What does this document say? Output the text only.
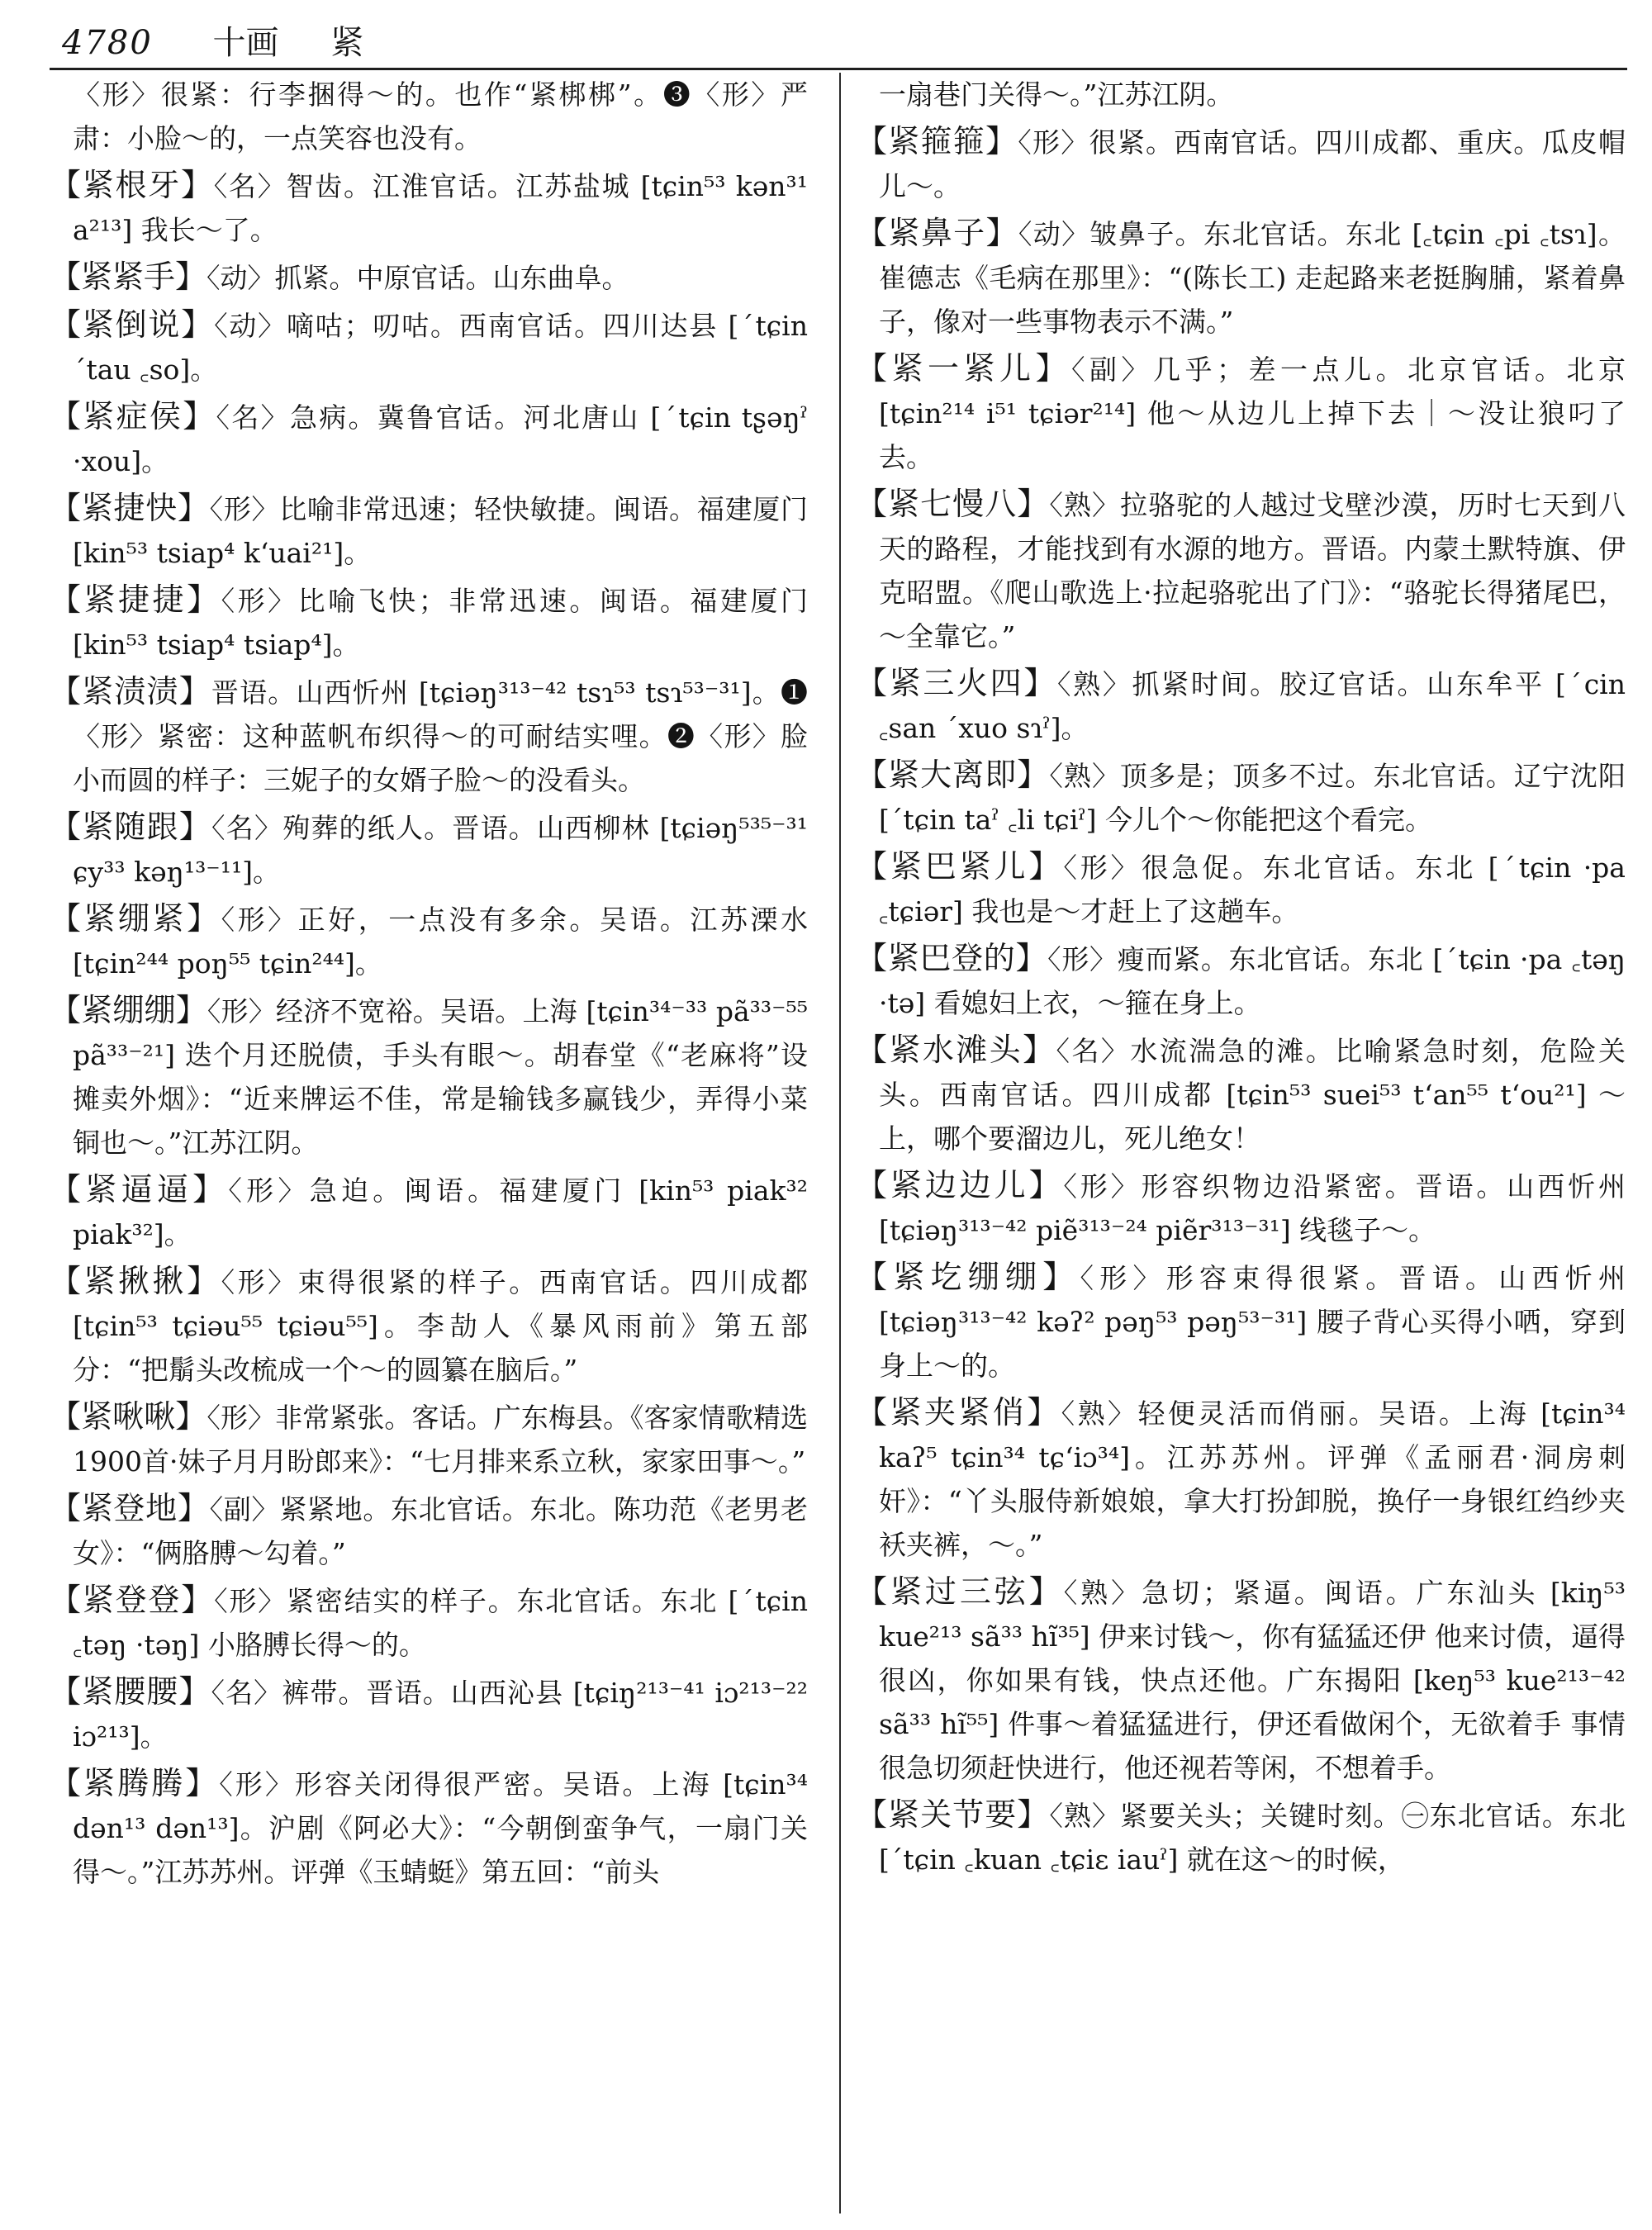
4780 十画 紧

〈形〉很紧：行李捆得～的。也作“紧梆梆”。❸〈形〉严肃：小脸～的，一点笑容也没有。

【紧根牙】〈名〉智齿。江淮官话。江苏盐城 [tɕin⁵³ kən³¹ a²¹³] 我长～了。

【紧紧手】〈动〉抓紧。中原官话。山东曲阜。

【紧倒说】〈动〉嘀咕；叨咕。西南官话。四川达县 [ˊtɕin ˊtau ꜀so]。

【紧症侯】〈名〉急病。冀鲁官话。河北唐山 [ˊtɕin tʂəŋˀ ·xou]。

【紧捷快】〈形〉比喻非常迅速；轻快敏捷。闽语。福建厦门 [kin⁵³ tsiap⁴ kʻuai²¹]。

【紧捷捷】〈形〉比喻飞快；非常迅速。闽语。福建厦门 [kin⁵³ tsiap⁴ tsiap⁴]。

【紧渍渍】晋语。山西忻州 [tɕiəŋ³¹³⁻⁴² tsɿ⁵³ tsɿ⁵³⁻³¹]。❶〈形〉紧密：这种蓝帆布织得～的可耐结实哩。❷〈形〉脸小而圆的样子：三妮子的女婿子脸～的没看头。

【紧随跟】〈名〉殉葬的纸人。晋语。山西柳林 [tɕiəŋ⁵³⁵⁻³¹ ɕy³³ kəŋ¹³⁻¹¹]。

【紧绷紧】〈形〉正好，一点没有多余。吴语。江苏溧水 [tɕin²⁴⁴ poŋ⁵⁵ tɕin²⁴⁴]。

【紧绷绷】〈形〉经济不宽裕。吴语。上海 [tɕin³⁴⁻³³ pã³³⁻⁵⁵ pã³³⁻²¹] 迭个月还脱债，手头有眼～。胡春堂《“老麻将”设摊卖外烟》：“近来牌运不佳，常是输钱多赢钱少，弄得小菜铜也～。”江苏江阴。

【紧逼逼】〈形〉急迫。闽语。福建厦门 [kin⁵³ piak³² piak³²]。

【紧揪揪】〈形〉束得很紧的样子。西南官话。四川成都 [tɕin⁵³ tɕiəu⁵⁵ tɕiəu⁵⁵]。李劼人《暴风雨前》第五部分：“把鬅头改梳成一个～的圆纂在脑后。”

【紧啾啾】〈形〉非常紧张。客话。广东梅县。《客家情歌精选1900首·妹子月月盼郎来》：“七月排来系立秋，家家田事～。”

【紧登地】〈副〉紧紧地。东北官话。东北。陈功范《老男老女》：“俩胳膊～勾着。”

【紧登登】〈形〉紧密结实的样子。东北官话。东北 [ˊtɕin ꜀təŋ ·təŋ] 小胳膊长得～的。

【紧腰腰】〈名〉裤带。晋语。山西沁县 [tɕiŋ²¹³⁻⁴¹ iɔ²¹³⁻²² iɔ²¹³]。

【紧腾腾】〈形〉形容关闭得很严密。吴语。上海 [tɕin³⁴ dən¹³ dən¹³]。沪剧《阿必大》：“今朝倒蛮争气，一扇门关得～。”江苏苏州。评弹《玉蜻蜓》第五回：“前头

一扇巷门关得～。”江苏江阴。

【紧箍箍】〈形〉很紧。西南官话。四川成都、重庆。瓜皮帽儿～。

【紧鼻子】〈动〉皱鼻子。东北官话。东北 [꜀tɕin ꜀pi ꜀tsɿ]。崔德志《毛病在那里》：“(陈长工) 走起路来老挺胸脯，紧着鼻子，像对一些事物表示不满。”

【紧一紧儿】〈副〉几乎；差一点儿。北京官话。北京 [tɕin²¹⁴ i⁵¹ tɕiər²¹⁴] 他～从边儿上掉下去｜～没让狼叼了去。

【紧七慢八】〈熟〉拉骆驼的人越过戈壁沙漠，历时七天到八天的路程，才能找到有水源的地方。晋语。内蒙土默特旗、伊克昭盟。《爬山歌选上·拉起骆驼出了门》：“骆驼长得猪尾巴，～全靠它。”

【紧三火四】〈熟〉抓紧时间。胶辽官话。山东牟平 [ˊcin ꜀san ˊxuo sɿˀ]。

【紧大离即】〈熟〉顶多是；顶多不过。东北官话。辽宁沈阳 [ˊtɕin taˀ ꜀li tɕiˀ] 今儿个～你能把这个看完。

【紧巴紧儿】〈形〉很急促。东北官话。东北 [ˊtɕin ·pa ꜀tɕiər] 我也是～才赶上了这趟车。

【紧巴登的】〈形〉瘦而紧。东北官话。东北 [ˊtɕin ·pa ꜀təŋ ·tə] 看媳妇上衣，～箍在身上。

【紧水滩头】〈名〉水流湍急的滩。比喻紧急时刻，危险关头。西南官话。四川成都 [tɕin⁵³ suei⁵³ tʻan⁵⁵ tʻou²¹] ～上，哪个要溜边儿，死儿绝女！

【紧边边儿】〈形〉形容织物边沿紧密。晋语。山西忻州 [tɕiəŋ³¹³⁻⁴² piẽ³¹³⁻²⁴ piẽr³¹³⁻³¹] 线毯子～。

【紧圪绷绷】〈形〉形容束得很紧。晋语。山西忻州 [tɕiəŋ³¹³⁻⁴² kəʔ² pəŋ⁵³ pəŋ⁵³⁻³¹] 腰子背心买得小哂，穿到身上～的。

【紧夹紧俏】〈熟〉轻便灵活而俏丽。吴语。上海 [tɕin³⁴ kaʔ⁵ tɕin³⁴ tɕʻiɔ³⁴]。江苏苏州。评弹《孟丽君·洞房刺奸》：“丫头服侍新娘娘，拿大打扮卸脱，换仔一身银红绉纱夹袄夹裤，～。”

【紧过三弦】〈熟〉急切；紧逼。闽语。广东汕头 [kiŋ⁵³ kue²¹³ sã³³ hĩ³⁵] 伊来讨钱～，你有猛猛还伊 他来讨债，逼得很凶，你如果有钱，快点还他。广东揭阳 [keŋ⁵³ kue²¹³⁻⁴² sã³³ hĩ⁵⁵] 件事～着猛猛进行，伊还看做闲个，无欲着手 事情很急切须赶快进行，他还视若等闲，不想着手。

【紧关节要】〈熟〉紧要关头；关键时刻。㊀东北官话。东北 [ˊtɕin ꜀kuan ꜀tɕiɛ iauˀ] 就在这～的时候，
